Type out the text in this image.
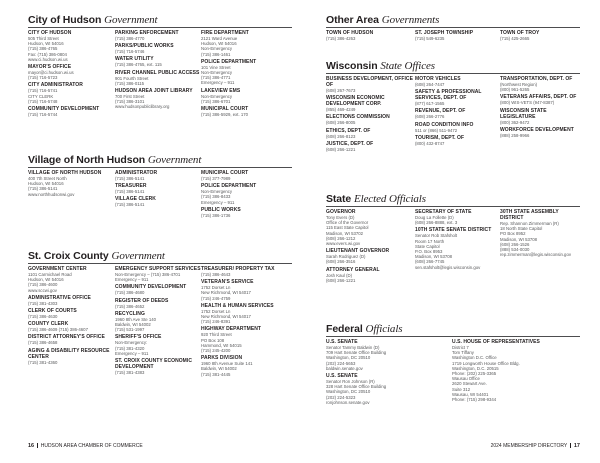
City of Hudson Government
CITY OF HUDSON
505 Third Street
Hudson, WI 54016
(715) 386-4765
Fax: (715) 386-0804
www.ci.hudson.wi.us
MAYOR'S OFFICE
mayor@ci.hudson.wi.us
(715) 716-5723
CITY ADMINISTRATOR
(715) 716-5741
CITY CLERK
(715) 716-5748
COMMUNITY DEVELOPMENT
(715) 716-5744
PARKING ENFORCEMENT
(715) 386-4770
PARKS/PUBLIC WORKS
(715) 716-5746
WATER UTILITY
(715) 386-4765, ext. 115
RIVER CHANNEL PUBLIC ACCESS
901 Fourth Street
(715) 386-0115
HUDSON AREA JOINT LIBRARY
700 First Street
(715) 386-3101
www.hudsonpubliclibrary.org
FIRE DEPARTMENT
2121 Ward Avenue
Hudson, WI 54016
Non-Emergency
(715) 386-1461
POLICE DEPARTMENT
101 Vine Street
Non-Emergency
(715) 386-4771
Emergency – 911
LAKEVIEW EMS
Non-Emergency
(715) 386-6701
MUNICIPAL COURT
(715) 386-5929, ext. 170
Village of North Hudson Government
VILLAGE OF NORTH HUDSON
400 7th Street North
Hudson, WI 54016
(715) 386-5141
www.northhudsonwi.gov
ADMINISTRATOR
(715) 386-5141
TREASURER
(715) 386-5141
VILLAGE CLERK
(715) 386-5141
MUNICIPAL COURT
(715) 377-7989
POLICE DEPARTMENT
Non-Emergency
(715) 386-8433
Emergency – 911
PUBLIC WORKS
(715) 386-1736
St. Croix County Government
GOVERNMENT CENTER
1101 Carmichael Road
Hudson, WI 54016
(715) 386-4600
www.sccwi.gov
ADMINISTRATIVE OFFICE
(715) 381-4303
CLERK OF COURTS
(715) 386-4630
COUNTY CLERK
(715) 386-4609 (715) 386-4607
DISTRICT ATTORNEY'S OFFICE
(715) 386-4658
AGING & DISABILITY RESOURCE CENTER
(715) 381-4360
EMERGENCY SUPPORT SERVICES
Non-Emergency – (715) 386-4701
Emergency – 911
COMMUNITY DEVELOPMENT
(715) 386-4680
REGISTER OF DEEDS
(715) 386-4652
RECYCLING
1960 8th Ave Ste 140
Baldwin, WI 54002
(715) 531-1997
SHERIFF'S OFFICE
Non-Emergency:
(715) 381-4320
Emergency – 911
ST. CROIX COUNTY ECONOMIC DEVELOPMENT
(715) 381-4383
TREASURER/ PROPERTY TAX
(715) 386-4643
VETERAN'S SERVICE
1752 Dorset Ln
New Richmond, WI 54017
(715) 246-4759
HEALTH & HUMAN SERVICES
1752 Dorset Ln
New Richmond, WI 54017
(715) 246-8391
HIGHWAY DEPARTMENT
920 Third Street
PO Box 108
Hammond, WI 54015
(715) 245-4200
PARKS DIVISION
1960 8th Avenue Suite 141
Baldwin, WI 54002
(715) 381-4445
16 HUDSON AREA CHAMBER OF COMMERCE
Other Area Governments
TOWN OF HUDSON
(715) 386-4263
ST. JOSEPH TOWNSHIP
(715) 549-6235
TOWN OF TROY
(715) 425-2665
Wisconsin State Offices
BUSINESS DEVELOPMENT, OFFICE OF
(608) 267-7673
WISCONSIN ECONOMIC DEVELOPMENT CORP.
(855) 469-4249
ELECTIONS COMMISSION
(608) 266-8005
ETHICS, DEPT. OF
(608) 266-8123
JUSTICE, DEPT. OF
(608) 266-1221
MOTOR VEHICLES
(608) 264-7447
SAFETY & PROFESSIONAL SERVICES, DEPT. OF
(877) 617-1565
REVENUE, DEPT. OF
(608) 266-2776
ROAD CONDITION INFO
511 or (866) 511-9472
TOURISM, DEPT. OF
(800) 432-8747
TRANSPORTATION, DEPT. OF
(Northwest Region)
(800) 961-5265
VETERANS AFFAIRS, DEPT. OF
(800) WIS-VETS (947-8387)
WISCONSIN STATE LEGISLATURE
(800) 362-9472
WORKFORCE DEVELOPMENT
(888) 258-9966
State Elected Officials
GOVERNOR
Tony Evers (D)
Office of the Governor
115 East State Capitol
Madison, WI 53702
(608) 266-1212
www.evers.wi.gov
LIEUTENANT GOVERNOR
Sarah Rodriguez (D)
(608) 266-3516
ATTORNEY GENERAL
Josh Kaul (D)
(608) 266-1221
SECRETARY OF STATE
Doug La Follette (D)
(608) 266-8888, ext. 3
10TH STATE SENATE DISTRICT
Senator Rob Stafsholt
Room 17 North
State Capitol
P.O. Box 8953
Madison, WI 53708
(608) 266-7745
sen.stafsholt@legis.wisconsin.gov
30TH STATE ASSEMBLY DISTRICT
Rep. Shannon Zimmerman (R)
18 North State Capitol
PO Box 8952
Madison, WI 53708
(608) 266-1526
(888) 534-0030
rep.zimmerman@legis.wisconsin.gov
Federal Officials
U.S. SENATE
Senator Tammy Baldwin (D)
709 Hart Senate Office Building
Washington, DC 20510
(202) 224-5653
baldwin.senate.gov
U.S. SENATE
Senator Ron Johnson (R)
328 Hart Senate Office Building
Washington, DC 20510
(202) 224-5323
ronjohnson.senate.gov
U.S. HOUSE OF REPRESENTATIVES
District 7
Tom Tiffany
Washington D.C. Office
1719 Longworth House Office Bldg.
Washington, D.C. 20515
Phone: (202) 225-3365
Wausau Office
2620 Stewart Ave.
Suite 312
Wausau, WI 54401
Phone: (715) 298-9344
2024 MEMBERSHIP DIRECTORY 17
